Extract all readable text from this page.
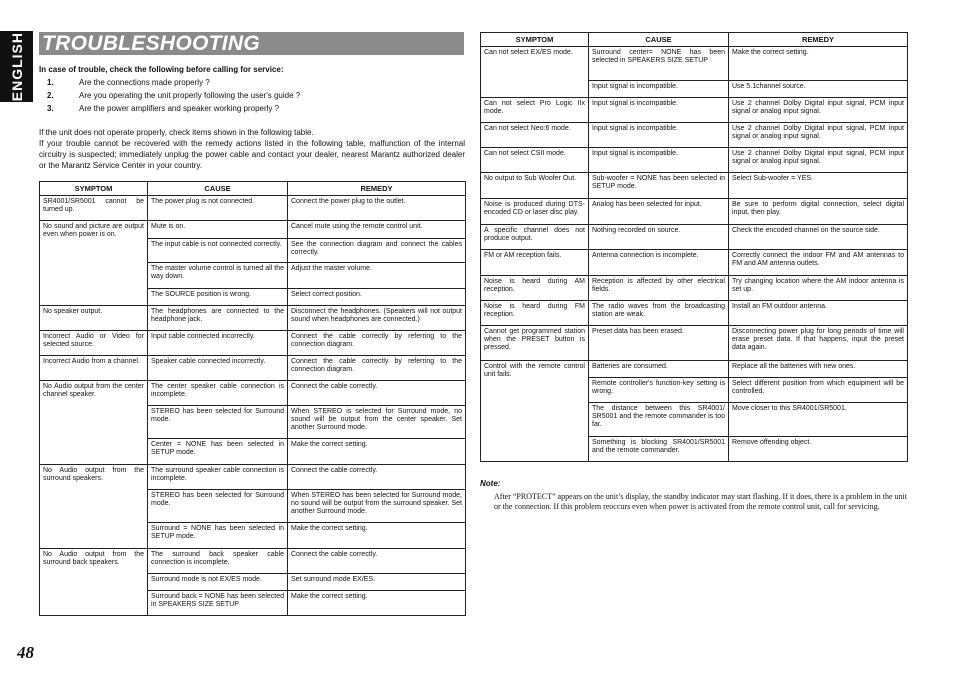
ENGLISH TROUBLESHOOTING
In case of trouble, check the following before calling for service:
1.	Are the connections made properly ?
2.	Are you operating the unit properly following the user's guide ?
3.	Are the power amplifiers and speaker working properly ?

If the unit does not operate properly, check items shown in the following table.

If your trouble cannot be recovered with the remedy actions listed in the following table, malfunction of the internal circuitry is suspected; immediately unplug the power cable and contact your dealer, nearest Marantz authorized dealer or the Marantz Service Center in your country.

SYMPTOM	CAUSE	REMEDY
SR4001/SR5001 cannot be turned up.	The power plug is not connected.	Connect the power plug to the outlet.
No sound and picture are output even when power is on.	Mute is on.	Cancel mute using the remote control unit.
	The input cable is not connected correctly.	See the connection diagram and connect the cables correctly.
	The master volume control is turned all the way down.	Adjust the master volume.
	The SOURCE position is wrong.	Select correct position.
No speaker output.	The headphones are connected to the headphone jack.	Disconnect the headphones. (Speakers will not output sound when headphones are connected.)
Incorrect Audio or Video for selected source.	Input cable connected incorrectly.	Connect the cable correctly by referring to the connection diagram.
Incorrect Audio from a channel.	Speaker cable connected incorrectly.	Connect the cable correctly by referring to the connection diagram.
No Audio output from the center channel speaker.	The center speaker cable connection is incomplete.	Connect the cable correctly.
	STEREO has been selected for Surround mode.	When STEREO is selected for Surround mode, no sound will be output from the center speaker. Set another Surround mode.
	Center = NONE has been selected in SETUP mode.	Make the correct setting.
No Audio output from the surround speakers.	The surround speaker cable connection is incomplete.	Connect the cable correctly.
	STEREO has been selected for Surround mode.	When STEREO has been selected for Surround mode, no sound will be output from the surround speaker. Set another Surround mode.
	Surround = NONE has been selected in SETUP mode.	Make the correct setting.
No Audio output from the surround back speakers.	The surround back speaker cable connection is incomplete.	Connect the cable correctly.
	Surround mode is not EX/ES mode.	Set surround mode EX/ES.
	Surround back = NONE has been selected in SPEAKERS SIZE SETUP	Make the correct setting.
SYMPTOM	CAUSE	REMEDY
Can not select EX/ES mode.	Surround center= NONE has been selected in SPEAKERS SIZE SETUP	Make the correct setting.
	Input signal is incompatible.	Use 5.1channel source.
Can not select Pro Logic IIx mode.	Input signal is incompatible.	Use 2 channel Dolby Digital input signal, PCM input signal or analog input signal.
Can not select Neo:6 mode.	Input signal is incompatible.	Use 2 channel Dolby Digital input signal, PCM input signal or analog input signal.
Can not select CSII mode.	Input signal is incompatible.	Use 2 channel Dolby Digital input signal, PCM input signal or analog input signal.
No output to Sub Woofer Out.	Sub-woofer = NONE has been selected in SETUP mode.	Select Sub-woofer = YES.
Noise is produced during DTS-encoded CD or laser disc play.	Analog has been selected for input.	Be sure to perform digital connection, select digital input, then play.
A specific channel does not produce output.	Nothing recorded on source.	Check the encoded channel on the source side.
FM or AM reception fails.	Antenna connection is incomplete.	Correctly connect the indoor FM and AM antennas to FM and AM antenna outlets.
Noise is heard during AM reception.	Reception is affected by other electrical fields.	Try changing location where the AM indoor antenna is set up.
Noise is heard during FM reception.	The radio waves from the broadcasting station are weak.	Install an FM outdoor antenna.
Cannot get programmed station when the PRESET button is pressed.	Preset data has been erased.	Disconnecting power plug for long periods of time will erase preset data. If that happens, input the preset data again.
Control with the remote control unit fails.	Batteries are consumed.	Replace all the batteries with new ones.
	Remote controller's function-key setting is wrong.	Select different position from which equipment will be controlled.
	The distance between this SR4001/ SR5001 and the remote commander is too far.	Move closer to this SR4001/SR5001.
	Something is blocking SR4001/SR5001 and the remote commander.	Remove offending object.
Note:
After “PROTECT” appears on the unit’s display, the standby indicator may start flashing. If it does, there is a problem in the unit or the connection. If this problem reoccurs even when power is activated from the remote control unit, call for servicing.
48
